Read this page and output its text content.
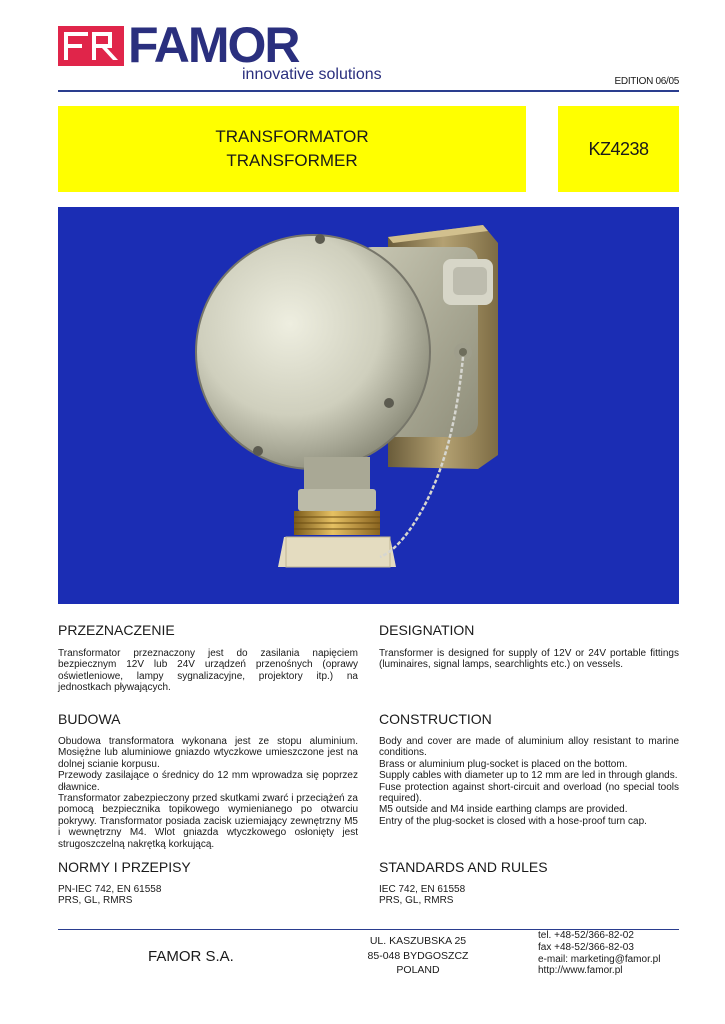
FAMOR
innovative solutions	EDITION 06/05
TRANSFORMATOR
TRANSFORMER
KZ4238
PRZEZNACZENIE

Transformator przeznaczony jest do zasilania napięciem bezpiecznym 12V lub 24V urządzeń przenośnych (oprawy oświetleniowe, lampy sygnalizacyjne, projektory itp.) na jednostkach pływających.

DESIGNATION

Transformer is designed for supply of 12V or 24V portable fittings (luminaires, signal lamps, searchlights etc.) on vessels.

BUDOWA

Obudowa transformatora wykonana jest ze stopu aluminium. Mosiężne lub aluminiowe gniazdo wtyczkowe umieszczone jest na dolnej scianie korpusu.

Przewody zasilające o średnicy do 12 mm wprowadza się poprzez dławnice.

Transformator zabezpieczony przed skutkami zwarć i przeciążeń za pomocą bezpiecznika topikowego wymienianego po otwarciu pokrywy. Transformator posiada zacisk uziemiający zewnętrzny M5 i wewnętrzny M4. Wlot gniazda wtyczkowego osłonięty jest strugoszczelną nakrętką korkującą.

CONSTRUCTION

Body and cover are made of aluminium alloy resistant to marine conditions.

Brass or aluminium plug-socket is placed on the bottom.

Supply cables with diameter up to 12 mm are led in through glands.

Fuse protection against short-circuit and overload (no special tools required).

M5 outside and M4 inside earthing clamps are provided.

Entry of the plug-socket is closed with a hose-proof turn cap.

NORMY I PRZEPISY

PN-IEC 742, EN 61558

PRS, GL, RMRS

STANDARDS AND RULES

IEC 742, EN 61558

PRS, GL, RMRS

FAMOR S.A.
UL. KASZUBSKA 25
85-048 BYDGOSZCZ
POLAND
tel. +48-52/366-82-02
fax +48-52/366-82-03
e-mail: marketing@famor.pl
http://www.famor.pl
